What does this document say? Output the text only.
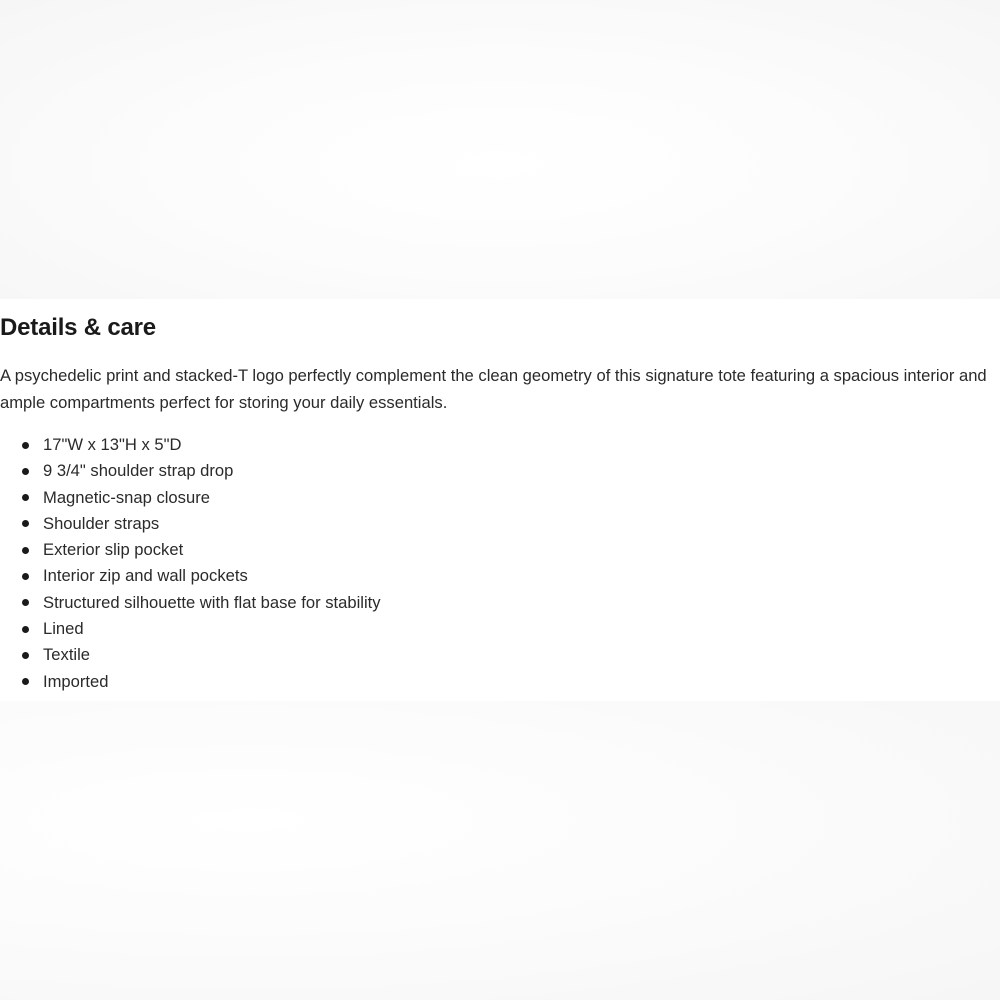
Details & care

A psychedelic print and stacked-T logo perfectly complement the clean geometry of this signature tote featuring a spacious interior and ample compartments perfect for storing your daily essentials.

17"W x 13"H x 5"D
9 3/4" shoulder strap drop
Magnetic-snap closure
Shoulder straps
Exterior slip pocket
Interior zip and wall pockets
Structured silhouette with flat base for stability
Lined
Textile
Imported
